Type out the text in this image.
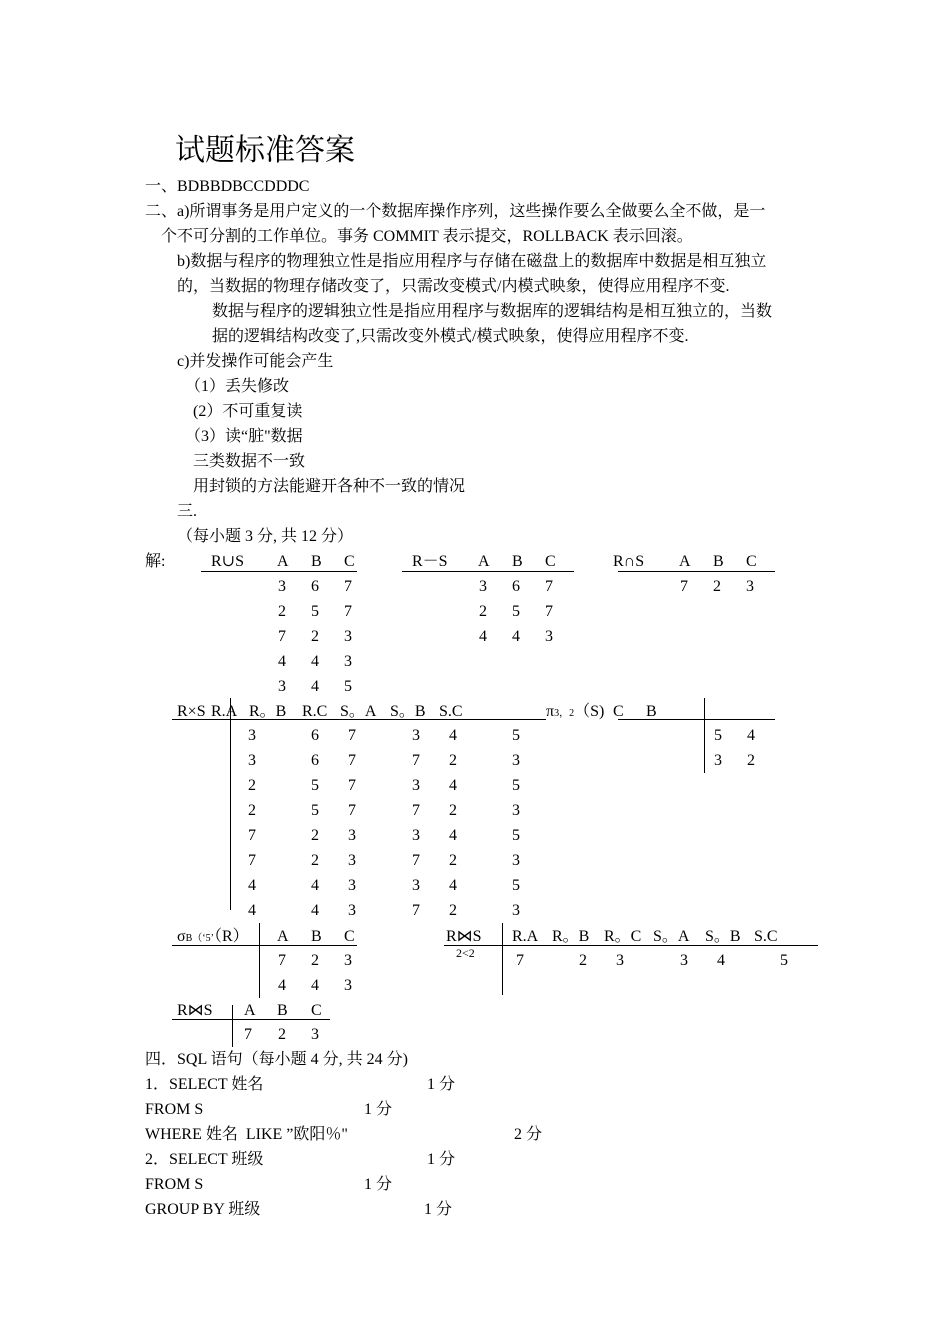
试题标准答案
一、BDBBDBCCDDDC
二、a)所谓事务是用户定义的一个数据库操作序列，这些操作要么全做要么全不做，是一
个不可分割的工作单位。事务 COMMIT 表示提交，ROLLBACK 表示回滚。
b)数据与程序的物理独立性是指应用程序与存储在磁盘上的数据库中数据是相互独立
的，当数据的物理存储改变了，只需改变模式/内模式映象，使得应用程序不变.
数据与程序的逻辑独立性是指应用程序与数据库的逻辑结构是相互独立的，当数
据的逻辑结构改变了,只需改变外模式/模式映象，使得应用程序不变.
c)并发操作可能会产生
（1）丢失修改
(2）不可重复读
（3）读“脏"数据
三类数据不一致
用封锁的方法能避开各种不一致的情况
三.
（每小题 3 分, 共 12 分）
解:	R∪S A B C
3 6 7
2 5 7
7 2 3
4 4 3
3 4 5
R－S A B C
3 6 7
2 5 7
4 4 3
R∩S A B C
7 2 3
R×S R.A R。B R.C S。A S。B S.C
3	6 7	3 4	5
3	6 7	7 2	3
2	5 7	3 4	5
2	5 7	7 2	3
7	2 3	3 4	5
7	2 3	7 2	3
4	4 3	3 4	5
4	4 3	7 2	3
π3，2（S) C B
5 4
3 2
σB（‘5’（R） A B C
7 2 3
4 4 3
R⋈S
2<2
R.A R。B R。C S。A S。B S.C
7	2 3	3 4	5
R⋈S A B C
7 2 3
四．SQL 语句（每小题 4 分, 共 24 分)
1．SELECT 姓名	1 分
FROM S	1 分
WHERE 姓名  LIKE ”欧阳％"	2 分
2．SELECT 班级	1 分
FROM S	1 分
GROUP BY 班级	1 分
